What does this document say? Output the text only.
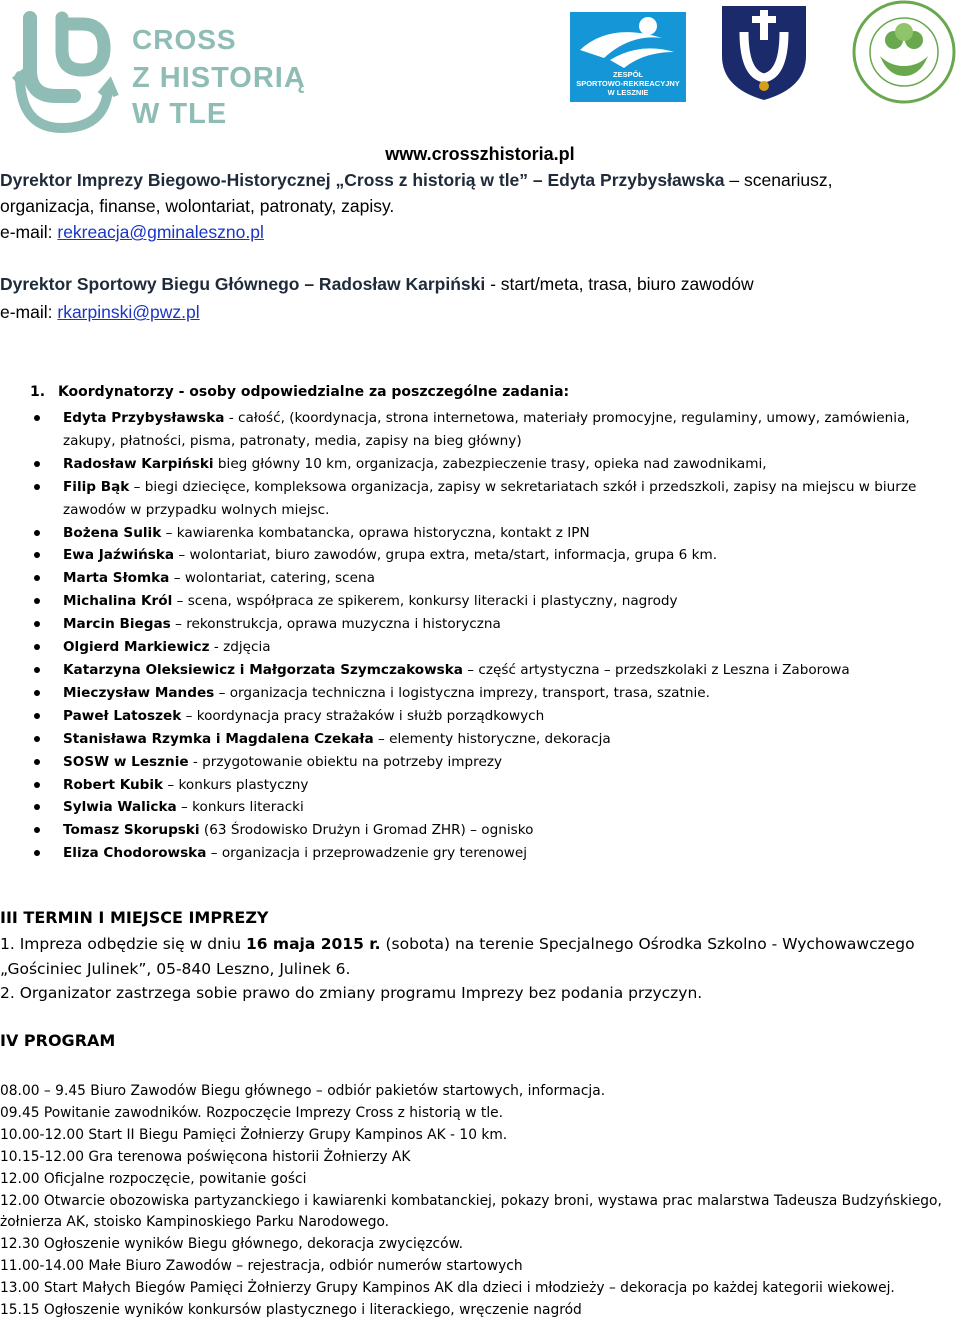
CROSS
Z HISTORIĄ
W TLE
ZESPÓŁ
SPORTOWO-REKREACYJNY
W LESZNIE
www.crosszhistoria.pl
Dyrektor Imprezy Biegowo-Historycznej „Cross z historią w tle” – Edyta Przybysławska – scenariusz,
organizacja, finanse, wolontariat, patronaty, zapisy.
e-mail: rekreacja@gminaleszno.pl
Dyrektor Sportowy Biegu Głównego – Radosław Karpiński - start/meta, trasa, biuro zawodów
e-mail: rkarpinski@pwz.pl
1. Koordynatorzy - osoby odpowiedzialne za poszczególne zadania:
Edyta Przybysławska - całość, (koordynacja, strona internetowa, materiały promocyjne, regulaminy, umowy, zamówienia, zakupy, płatności, pisma, patronaty, media, zapisy na bieg główny)
Radosław Karpiński bieg główny 10 km, organizacja, zabezpieczenie trasy, opieka nad zawodnikami,
Filip Bąk – biegi dziecięce, kompleksowa organizacja, zapisy w sekretariatach szkół i przedszkoli, zapisy na miejscu w biurze zawodów w przypadku wolnych miejsc.
Bożena Sulik – kawiarenka kombatancka, oprawa historyczna, kontakt z IPN
Ewa Jaźwińska – wolontariat, biuro zawodów, grupa extra, meta/start, informacja, grupa 6 km.
Marta Słomka – wolontariat, catering, scena
Michalina Król – scena, współpraca ze spikerem, konkursy literacki i plastyczny, nagrody
Marcin Biegas – rekonstrukcja, oprawa muzyczna i historyczna
Olgierd Markiewicz - zdjęcia
Katarzyna Oleksiewicz i Małgorzata Szymczakowska – część artystyczna – przedszkolaki z Leszna i Zaborowa
Mieczysław Mandes – organizacja techniczna i logistyczna imprezy, transport, trasa, szatnie.
Paweł Latoszek – koordynacja pracy strażaków i służb porządkowych
Stanisława Rzymka i Magdalena Czekała – elementy historyczne, dekoracja
SOSW w Lesznie - przygotowanie obiektu na potrzeby imprezy
Robert Kubik – konkurs plastyczny
Sylwia Walicka – konkurs literacki
Tomasz Skorupski (63 Środowisko Drużyn i Gromad ZHR) – ognisko
Eliza Chodorowska – organizacja i przeprowadzenie gry terenowej
III TERMIN I MIEJSCE IMPREZY
1. Impreza odbędzie się w dniu 16 maja 2015 r. (sobota) na terenie Specjalnego Ośrodka Szkolno - Wychowawczego „Gościniec Julinek”, 05-840 Leszno, Julinek 6.
2. Organizator zastrzega sobie prawo do zmiany programu Imprezy bez podania przyczyn.
IV PROGRAM
08.00 – 9.45 Biuro Zawodów Biegu głównego – odbiór pakietów startowych, informacja.
09.45 Powitanie zawodników. Rozpoczęcie Imprezy Cross z historią w tle.
10.00-12.00 Start II Biegu Pamięci Żołnierzy Grupy Kampinos AK - 10 km.
10.15-12.00 Gra terenowa poświęcona historii Żołnierzy AK
12.00 Oficjalne rozpoczęcie, powitanie gości
12.00 Otwarcie obozowiska partyzanckiego i kawiarenki kombatanckiej, pokazy broni, wystawa prac malarstwa Tadeusza Budzyńskiego, żołnierza AK, stoisko Kampinoskiego Parku Narodowego.
12.30 Ogłoszenie wyników Biegu głównego, dekoracja zwycięzców.
11.00-14.00 Małe Biuro Zawodów – rejestracja, odbiór numerów startowych
13.00 Start Małych Biegów Pamięci Żołnierzy Grupy Kampinos AK dla dzieci i młodzieży – dekoracja po każdej kategorii wiekowej.
15.15 Ogłoszenie wyników konkursów plastycznego i literackiego, wręczenie nagród
